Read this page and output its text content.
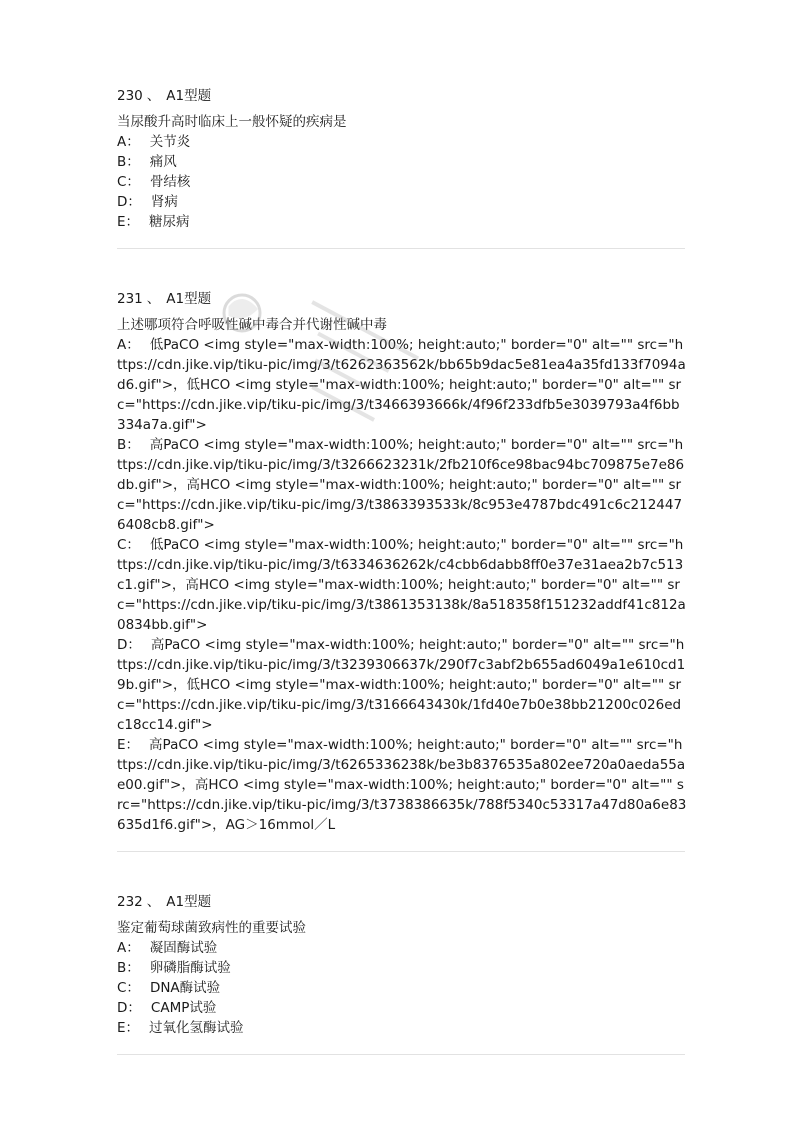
230 、 A1型题
当尿酸升高时临床上一般怀疑的疾病是
A： 关节炎
B： 痛风
C： 骨结核
D： 肾病
E： 糖尿病
231 、 A1型题
上述哪项符合呼吸性碱中毒合并代谢性碱中毒
A： 低PaCO <img style="max-width:100%; height:auto;" border="0" alt="" src="https://cdn.jike.vip/tiku-pic/img/3/t6262363562k/bb65b9dac5e81ea4a35fd133f7094ad6.gif">，低HCO <img style="max-width:100%; height:auto;" border="0" alt="" src="https://cdn.jike.vip/tiku-pic/img/3/t3466393666k/4f96f233dfb5e3039793a4f6bb334a7a.gif">
B： 高PaCO <img style="max-width:100%; height:auto;" border="0" alt="" src="https://cdn.jike.vip/tiku-pic/img/3/t3266623231k/2fb210f6ce98bac94bc709875e7e86db.gif">，高HCO <img style="max-width:100%; height:auto;" border="0" alt="" src="https://cdn.jike.vip/tiku-pic/img/3/t3863393533k/8c953e4787bdc491c6c2124476408cb8.gif">
C： 低PaCO <img style="max-width:100%; height:auto;" border="0" alt="" src="https://cdn.jike.vip/tiku-pic/img/3/t6334636262k/c4cbb6dabb8ff0e37e31aea2b7c513c1.gif">，高HCO <img style="max-width:100%; height:auto;" border="0" alt="" src="https://cdn.jike.vip/tiku-pic/img/3/t3861353138k/8a518358f151232addf41c812a0834bb.gif">
D： 高PaCO <img style="max-width:100%; height:auto;" border="0" alt="" src="https://cdn.jike.vip/tiku-pic/img/3/t3239306637k/290f7c3abf2b655ad6049a1e610cd19b.gif">，低HCO <img style="max-width:100%; height:auto;" border="0" alt="" src="https://cdn.jike.vip/tiku-pic/img/3/t3166643430k/1fd40e7b0e38bb21200c026edc18cc14.gif">
E： 高PaCO <img style="max-width:100%; height:auto;" border="0" alt="" src="https://cdn.jike.vip/tiku-pic/img/3/t6265336238k/be3b8376535a802ee720a0aeda55ae00.gif">，高HCO <img style="max-width:100%; height:auto;" border="0" alt="" src="https://cdn.jike.vip/tiku-pic/img/3/t3738386635k/788f5340c53317a47d80a6e83635d1f6.gif">，AG＞16mmol／L
232 、 A1型题
鉴定葡萄球菌致病性的重要试验
A： 凝固酶试验
B： 卵磷脂酶试验
C： DNA酶试验
D： CAMP试验
E： 过氧化氢酶试验
